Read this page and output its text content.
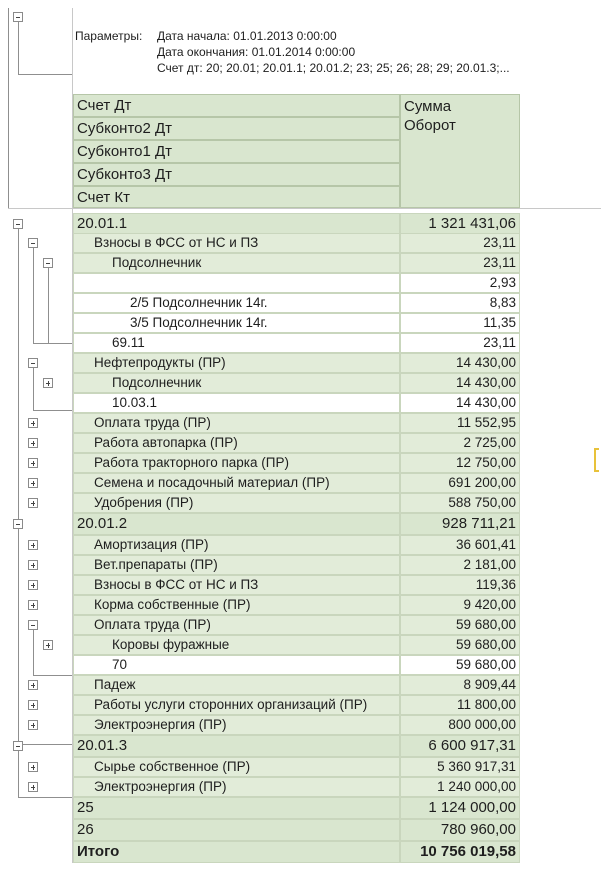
Параметры:	Дата начала: 01.01.2013 0:00:00
Дата окончания: 01.01.2014 0:00:00
Счет дт: 20; 20.01; 20.01.1; 20.01.2; 23; 25; 26; 28; 29; 20.01.3;...
Счет Дт
Субконто2 Дт
Субконто1 Дт
Субконто3 Дт
Счет Кт
Сумма
Оборот
20.01.1	1 321 431,06
Взносы в ФСС от НС и ПЗ	23,11
Подсолнечник	23,11
2,93
2/5 Подсолнечник 14г.	8,83
3/5 Подсолнечник 14г.	11,35
69.11	23,11
Нефтепродукты (ПР)	14 430,00
Подсолнечник	14 430,00
10.03.1	14 430,00
Оплата труда (ПР)	11 552,95
Работа автопарка (ПР)	2 725,00
Работа тракторного парка (ПР)	12 750,00
Семена и посадочный материал (ПР)	691 200,00
Удобрения (ПР)	588 750,00
20.01.2	928 711,21
Амортизация (ПР)	36 601,41
Вет.препараты (ПР)	2 181,00
Взносы в ФСС от НС и ПЗ	119,36
Корма собственные (ПР)	9 420,00
Оплата труда (ПР)	59 680,00
Коровы фуражные	59 680,00
70	59 680,00
Падеж	8 909,44
Работы услуги сторонних организаций (ПР)	11 800,00
Электроэнергия (ПР)	800 000,00
20.01.3	6 600 917,31
Сырье собственное (ПР)	5 360 917,31
Электроэнергия (ПР)	1 240 000,00
25	1 124 000,00
26	780 960,00
Итого	10 756 019,58
